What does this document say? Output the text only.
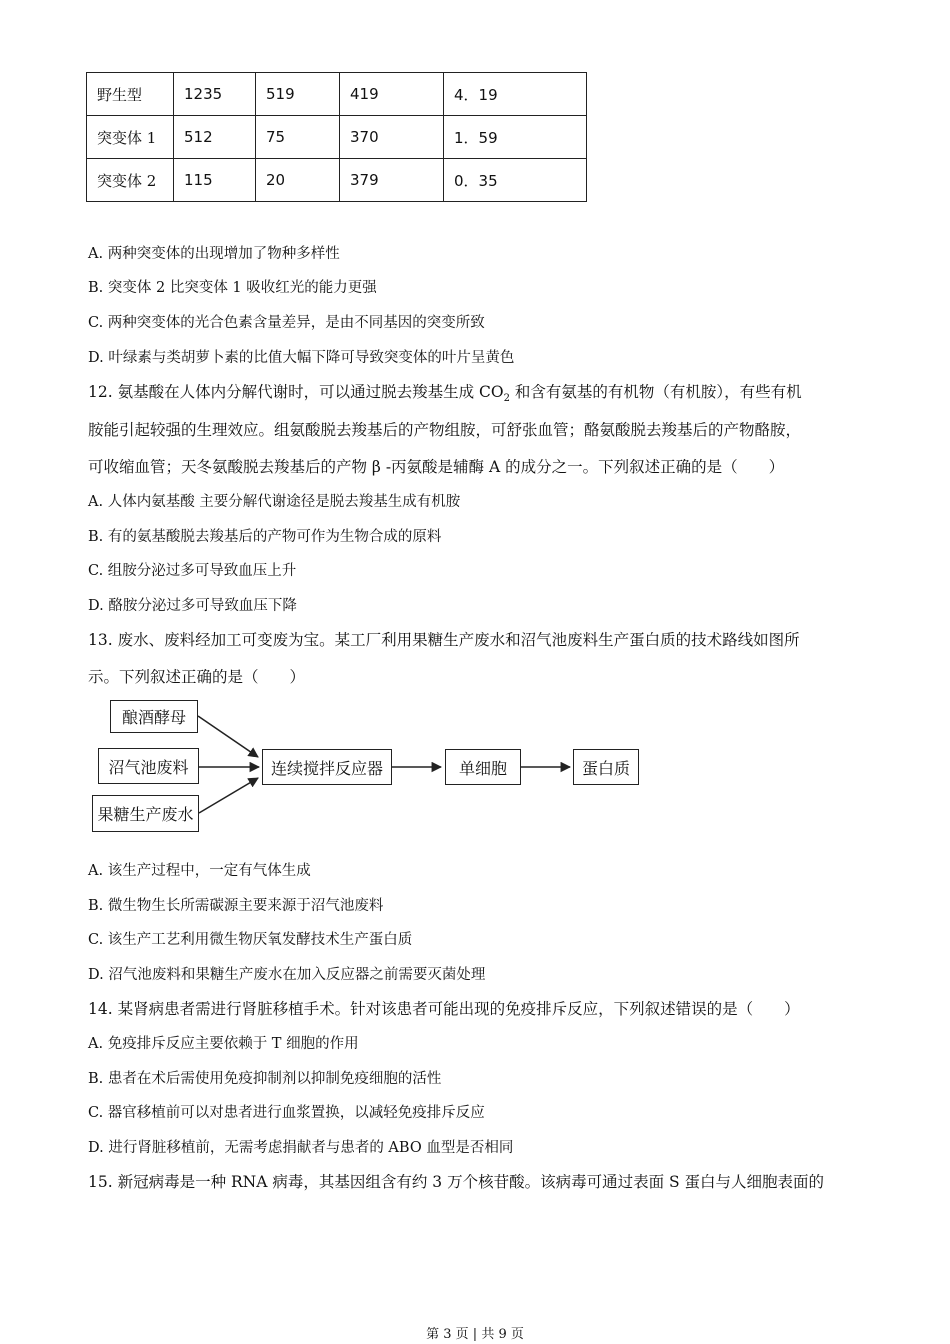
野生型	1235	519	419	4．19
突变体 1	512	75	370	1．59
突变体 2	115	20	379	0．35
A. 两种突变体的出现增加了物种多样性
B. 突变体 2 比突变体 1 吸收红光的能力更强
C. 两种突变体的光合色素含量差异，是由不同基因的突变所致
D. 叶绿素与类胡萝卜素的比值大幅下降可导致突变体的叶片呈黄色
12. 氨基酸在人体内分解代谢时，可以通过脱去羧基生成 $CO_2$ 和含有氨基的有机物（有机胺），有些有机
胺能引起较强的生理效应。组氨酸脱去羧基后的产物组胺，可舒张血管；酪氨酸脱去羧基后的产物酪胺，
可收缩血管；天冬氨酸脱去羧基后的产物 β -丙氨酸是辅酶 A 的成分之一。下列叙述正确的是（　　）
A. 人体内氨基酸 主要分解代谢途径是脱去羧基生成有机胺
B. 有的氨基酸脱去羧基后的产物可作为生物合成的原料
C. 组胺分泌过多可导致血压上升
D. 酪胺分泌过多可导致血压下降
13. 废水、废料经加工可变废为宝。某工厂利用果糖生产废水和沼气池废料生产蛋白质的技术路线如图所
示。下列叙述正确的是（　　）
酿酒酵母
沼气池废料
果糖生产废水
连续搅拌反应器	单细胞	蛋白质
A. 该生产过程中，一定有气体生成
B. 微生物生长所需碳源主要来源于沼气池废料
C. 该生产工艺利用微生物厌氧发酵技术生产蛋白质
D. 沼气池废料和果糖生产废水在加入反应器之前需要灭菌处理
14. 某肾病患者需进行肾脏移植手术。针对该患者可能出现的免疫排斥反应，下列叙述错误的是（　　）
A. 免疫排斥反应主要依赖于 T 细胞的作用
B. 患者在术后需使用免疫抑制剂以抑制免疫细胞的活性
C. 器官移植前可以对患者进行血浆置换，以减轻免疫排斥反应
D. 进行肾脏移植前，无需考虑捐献者与患者的 ABO 血型是否相同
15. 新冠病毒是一种 RNA 病毒，其基因组含有约 3 万个核苷酸。该病毒可通过表面 S 蛋白与人细胞表面的
第 3 页 | 共 9 页
